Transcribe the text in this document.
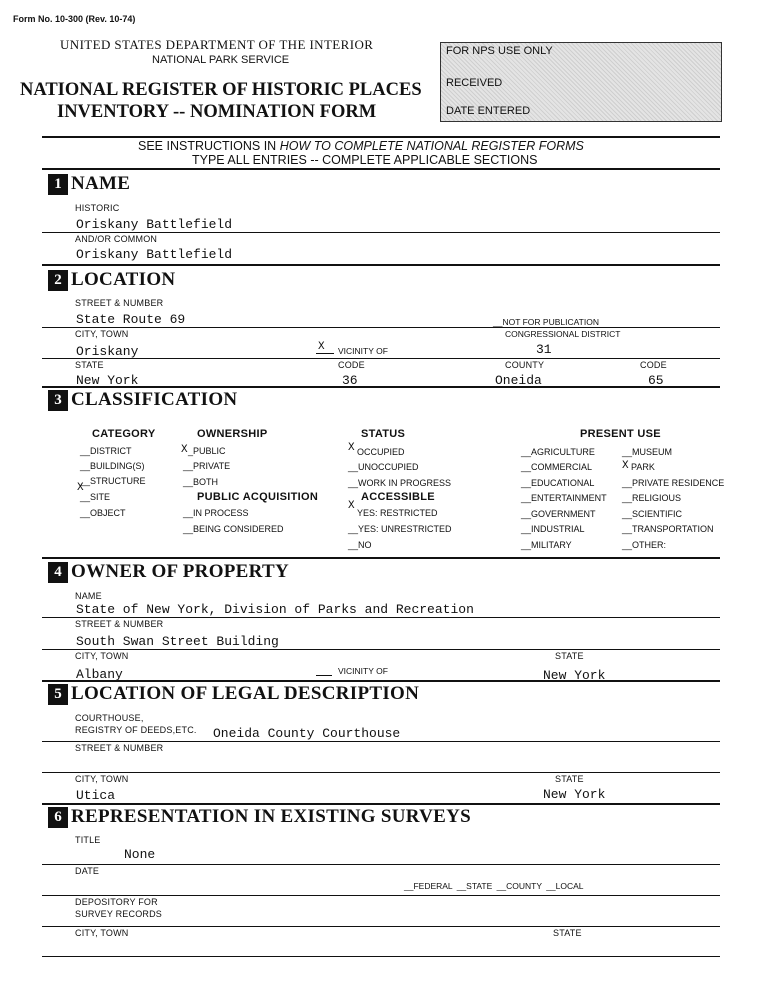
Form No. 10-300 (Rev. 10-74)
UNITED STATES DEPARTMENT OF THE INTERIOR
NATIONAL PARK SERVICE
NATIONAL REGISTER OF HISTORIC PLACES
INVENTORY -- NOMINATION FORM
FOR NPS USE ONLY
RECEIVED
DATE ENTERED
SEE INSTRUCTIONS IN HOW TO COMPLETE NATIONAL REGISTER FORMS
TYPE ALL ENTRIES -- COMPLETE APPLICABLE SECTIONS
1 NAME
HISTORIC
Oriskany Battlefield
AND/OR COMMON
Oriskany Battlefield
2 LOCATION
STREET & NUMBER
State Route 69	__NOT FOR PUBLICATION
CITY, TOWN	CONGRESSIONAL DISTRICT
Oriskany	X VICINITY OF	31
STATE	CODE	COUNTY	CODE
New York	36	Oneida	65
3 CLASSIFICATION
CATEGORY
__DISTRICT
__BUILDING(S)
__STRUCTURE
X
__SITE
__OBJECT
OWNERSHIP
X _PUBLIC
__PRIVATE
__BOTH
PUBLIC ACQUISITION
__IN PROCESS
__BEING CONSIDERED
STATUS
X OCCUPIED
__UNOCCUPIED
__WORK IN PROGRESS
ACCESSIBLE
X
YES: RESTRICTED
__YES: UNRESTRICTED
__NO
PRESENT USE
__AGRICULTURE
__COMMERCIAL
__EDUCATIONAL
__ENTERTAINMENT
__GOVERNMENT
__INDUSTRIAL
__MILITARY
__MUSEUM
X PARK
__PRIVATE RESIDENCE
__RELIGIOUS
__SCIENTIFIC
__TRANSPORTATION
__OTHER:
4 OWNER OF PROPERTY
NAME
State of New York, Division of Parks and Recreation
STREET & NUMBER
South Swan Street Building
CITY, TOWN	STATE
Albany	VICINITY OF	New York
5 LOCATION OF LEGAL DESCRIPTION
COURTHOUSE,
REGISTRY OF DEEDS,ETC. Oneida County Courthouse
STREET & NUMBER
CITY, TOWN	STATE
Utica	New York
6 REPRESENTATION IN EXISTING SURVEYS
TITLE
None
DATE
__FEDERAL __STATE __COUNTY __LOCAL
DEPOSITORY FOR
SURVEY RECORDS
CITY, TOWN	STATE
